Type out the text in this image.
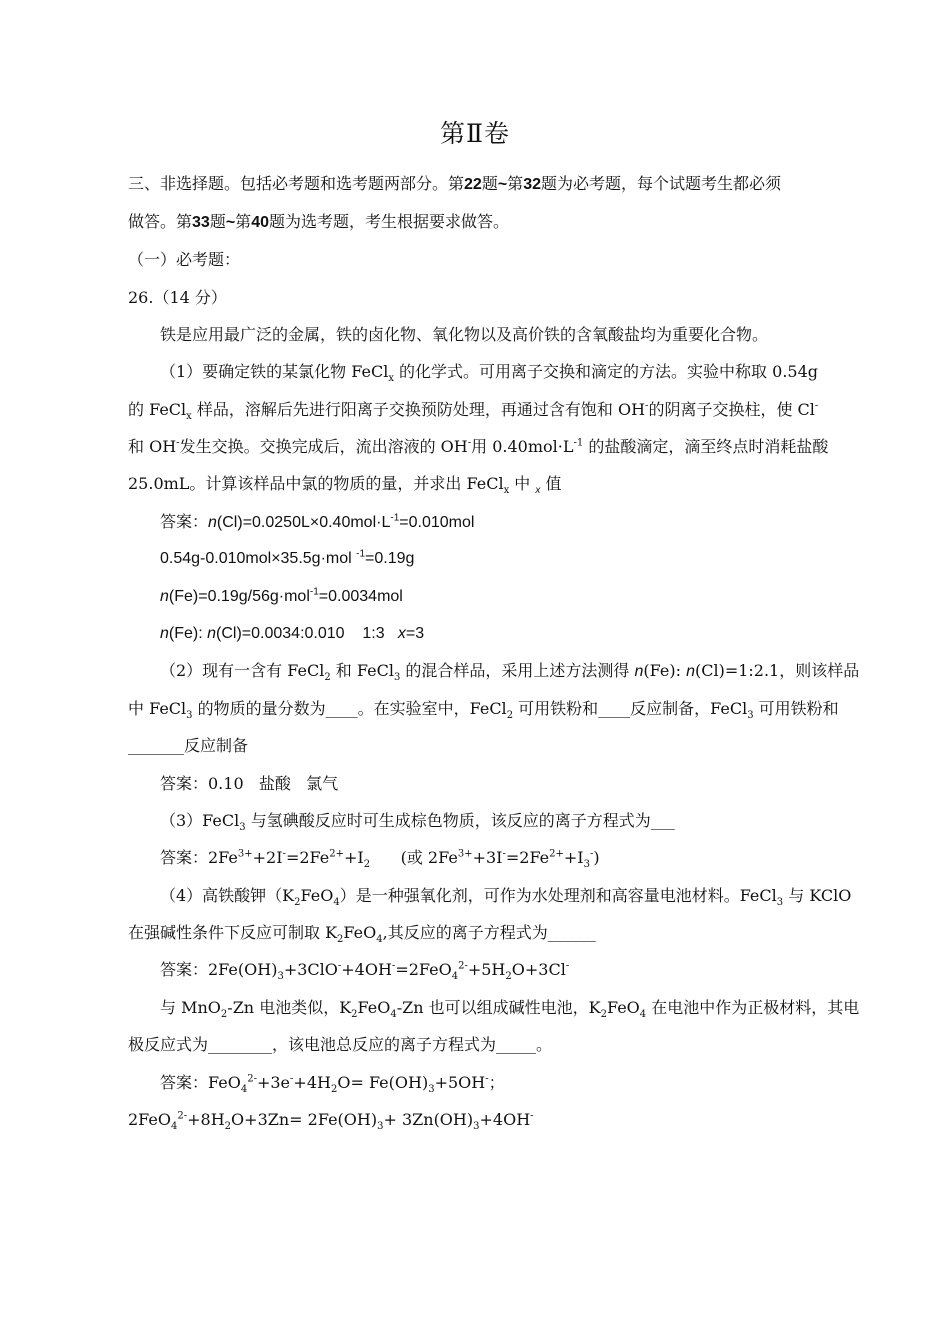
第Ⅱ卷
三、非选择题。包括必考题和选考题两部分。第22题~第32题为必考题，每个试题考生都必须
做答。第33题~第40题为选考题，考生根据要求做答。
（一）必考题：
26.（14 分）
铁是应用最广泛的金属，铁的卤化物、氧化物以及高价铁的含氧酸盐均为重要化合物。
（1）要确定铁的某氯化物 FeCl$_x$ 的化学式。可用离子交换和滴定的方法。实验中称取 0.54g
的 FeCl$_x$ 样品，溶解后先进行阳离子交换预防处理，再通过含有饱和 OH-的阴离子交换柱，使 Cl-
和 OH-发生交换。交换完成后，流出溶液的 OH-用 $0.40mol\cdot L^{-1}$ 的盐酸滴定，滴至终点时消耗盐酸
25.0mL。计算该样品中氯的物质的量，并求出 FeCl$_x$ 中 $_x$ 值
答案：$n(Cl)=0.0250L\times 0.40mol\cdot L^{-1}=0.010mol$
0.54g-0.010mol×35.5g·mol $^{-1}$=0.19g
n(Fe)=0.19g/56g·mol$^{-1}$=0.0034mol
n(Fe): n(Cl)=0.0034:0.010    1:3   x=3
（2）现有一含有 FeCl$_2$ 和 FeCl$_3$ 的混合样品，采用上述方法测得 n(Fe): n(Cl)=1:2.1，则该样品
中 FeCl$_3$ 的物质的量分数为____。在实验室中，FeCl$_2$ 可用铁粉和____反应制备，FeCl$_3$ 可用铁粉和
_______反应制备
答案：0.10   盐酸   氯气
（3）FeCl$_3$ 与氢碘酸反应时可生成棕色物质，该反应的离子方程式为___
答案：$2Fe^{3+}+2I^-=2Fe^{2+}+I_2$      (或 $2Fe^{3+}+3I^-=2Fe^{2+}+I_3^-$)
（4）高铁酸钾$(K_2FeO_4)$是一种强氧化剂，可作为水处理剂和高容量电池材料。FeCl$_3$ 与 KClO
在强碱性条件下反应可制取 $K_2FeO_4$,其反应的离子方程式为______
答案：$2Fe(OH)_3+3ClO^-+4OH^-=2FeO_4^{2-}+5H_2O+3Cl^-$
与 MnO$_2$-Zn 电池类似，$K_2FeO_4-Zn$ 也可以组成碱性电池，$K_2FeO_4$ 在电池中作为正极材料，其电
极反应式为________，该电池总反应的离子方程式为_____。
答案：$FeO_4^{2-}+3e^-+4H_2O= Fe(OH)_3+5OH^-$；
$2FeO_4^{2-}+8H_2O+3Zn= 2Fe(OH)_3+ 3Zn(OH)_3+4OH^-$
